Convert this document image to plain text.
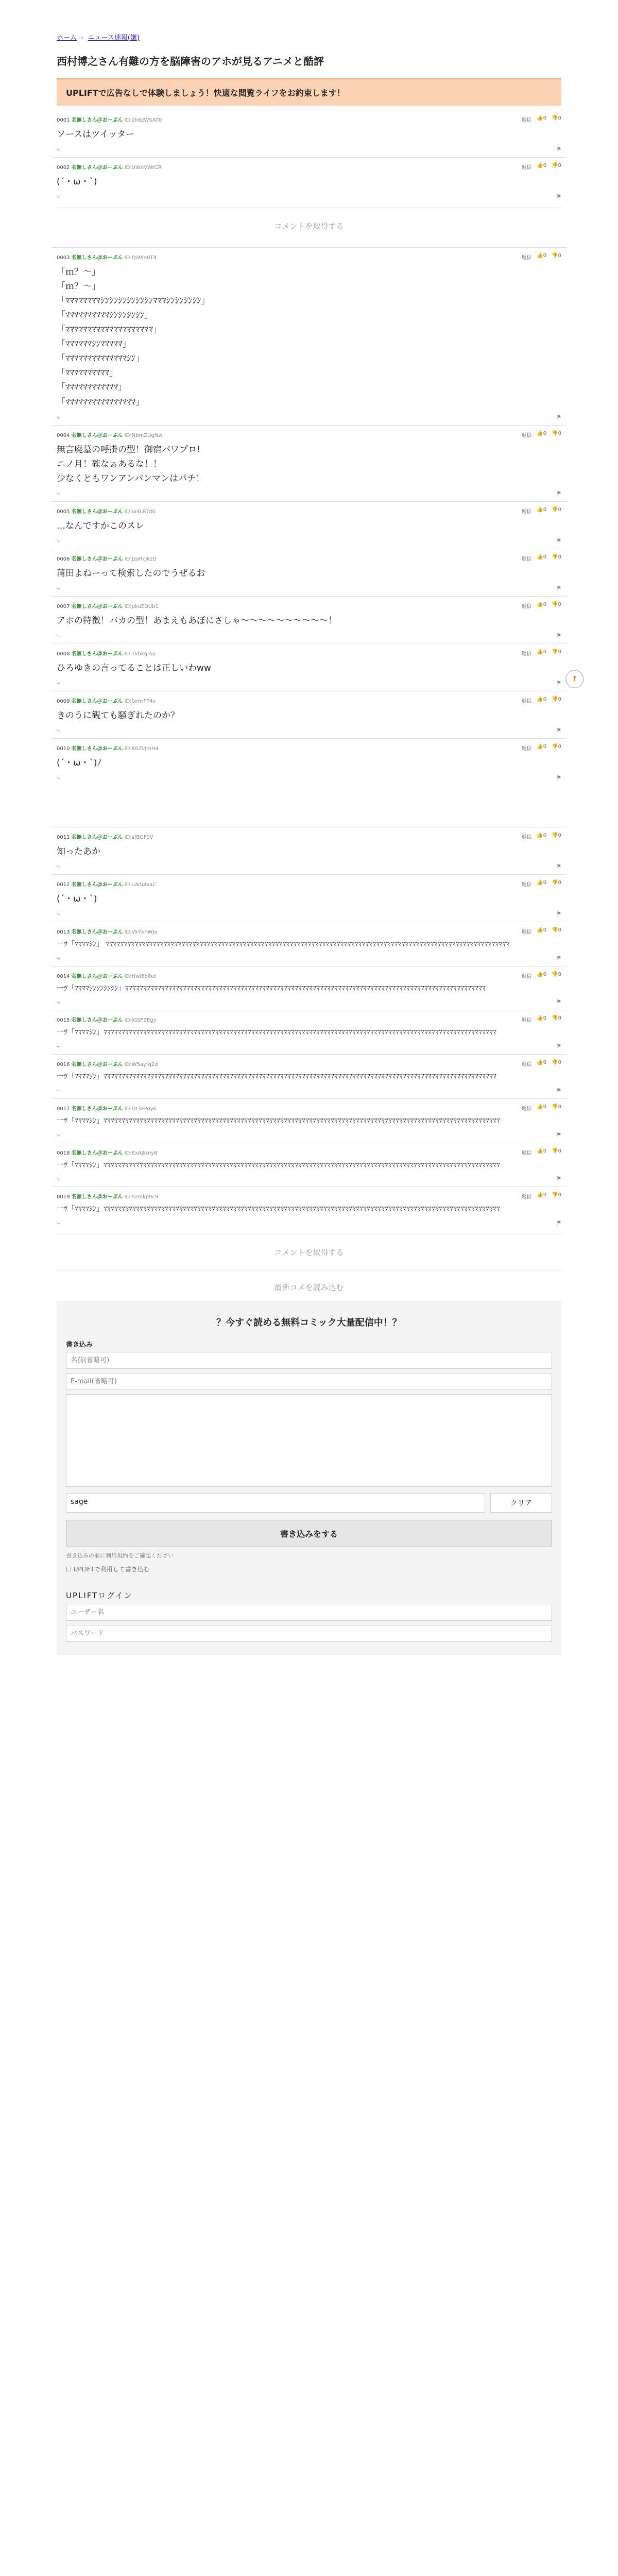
ホーム › ニュース速報(嫌)
西村博之さん有難の方を脳障害のアホが見るアニメと酷評
UPLIFTで広告なしで体験しましょう！快適な閲覧ライフをお約束します！
0001 名無しさん＠おーぷん ID:2k6zWSAT0	返信 👍0 👎0
ソースはツイッター
⤷	⚑
0002 名無しさん＠おーぷん ID:UWnVWrCR	返信 👍0 👎0
(´・ω・`)
⤷	⚑
コメントを取得する
0003 名無しさん＠おーぷん ID:fp9Xn0T4	返信 👍0 👎0
「ｍ？～」
「ｍ？～」
「ﾏﾏﾏﾏﾏﾏﾏﾏｼﾝｼﾝｼﾝｼﾝｼﾝｼﾝﾏﾏﾏｼﾝｼﾝｼﾝｼﾝ」
「ﾏﾏﾏﾏﾏﾏﾏﾏﾏﾏｼﾝｼﾝｼﾝｼﾝ」
「ﾏﾏﾏﾏﾏﾏﾏﾏﾏﾏﾏﾏﾏﾏﾏﾏﾏﾏﾏﾏ」
「ﾏﾏﾏﾏﾏﾏｼﾝﾏﾏﾏﾏﾏ」
「ﾏﾏﾏﾏﾏﾏﾏﾏﾏﾏﾏﾏﾏﾏｼﾝ」
「ﾏﾏﾏﾏﾏﾏﾏﾏﾏﾏ」
「ﾏﾏﾏﾏﾏﾏﾏﾏﾏﾏﾏﾏ」
「ﾏﾏﾏﾏﾏﾏﾏﾏﾏﾏﾏﾏﾏﾏﾏﾏ」
⤷	⚑
0004 名無しさん＠おーぷん ID:NbmZUgNw	返信 👍0 👎0
無言廃墓の呼掛の型！御宿パワプロ!
ニノ月！確なぁあるな！！
少なくともワンアンパンマンはパチ！
⤷	⚑
0005 名無しさん＠おーぷん ID:Ia4LRTd0	返信 👍0 👎0
…なんですかこのスレ
⤷	⚑
0006 名無しさん＠おーぷん ID:JzaRcJkzD	返信 👍0 👎0
蒲田よねーって検索したのでうぜるお
⤷	⚑
0007 名無しさん＠おーぷん ID:pkuEDUb1	返信 👍0 👎0
アホの特徴！バカの型！あまえもあぽにさしゃ～～～～～～～～～～！
⤷	⚑
0008 名無しさん＠おーぷん ID:Tkbkgrop	返信 👍0 👎0
ひろゆきの言ってることは正しいわww
⤷	⚑
0009 名無しさん＠おーぷん ID:lxmrFP4v	返信 👍0 👎0
きのうに観ても騒ぎれたのか？
⤷	⚑
0010 名無しさん＠おーぷん ID:K6ZvJmH4	返信 👍0 👎0
(´・ω・`)ﾉ
⤷	⚑
0011 名無しさん＠おーぷん ID:sfBGFSV	返信 👍0 👎0
知ったあか
⤷	⚑
0012 名無しさん＠おーぷん ID:uAdgIxaC	返信 👍0 👎0
(´・ω・`)
⤷	⚑
0013 名無しさん＠おーぷん ID:VkYkhWJq	返信 👍0 👎0
一ﾂ「ﾏﾏﾏﾏｼﾝ」 ﾏﾏﾏﾏﾏﾏﾏﾏﾏﾏﾏﾏﾏﾏﾏﾏﾏﾏﾏﾏﾏﾏﾏﾏﾏﾏﾏﾏﾏﾏﾏﾏﾏﾏﾏﾏﾏﾏﾏﾏﾏﾏﾏﾏﾏﾏﾏﾏﾏﾏﾏﾏﾏﾏﾏﾏﾏﾏﾏﾏﾏﾏﾏﾏﾏﾏﾏﾏﾏﾏﾏﾏﾏﾏﾏﾏﾏﾏﾏﾏﾏﾏﾏﾏﾏﾏﾏﾏﾏﾏﾏﾏﾏﾏﾏﾏﾏﾏﾏﾏﾏﾏﾏﾏﾏﾏﾏﾏﾏﾏﾏﾏ
⤷	⚑
0014 名無しさん＠おーぷん ID:Hwl8b6ut	返信 👍0 👎0
一ﾂ「ﾏﾏﾏﾏｼﾝｼﾝｼﾝｼﾝ」ﾏﾏﾏﾏﾏﾏﾏﾏﾏﾏﾏﾏﾏﾏﾏﾏﾏﾏﾏﾏﾏﾏﾏﾏﾏﾏﾏﾏﾏﾏﾏﾏﾏﾏﾏﾏﾏﾏﾏﾏﾏﾏﾏﾏﾏﾏﾏﾏﾏﾏﾏﾏﾏﾏﾏﾏﾏﾏﾏﾏﾏﾏﾏﾏﾏﾏﾏﾏﾏﾏﾏﾏﾏﾏﾏﾏﾏﾏﾏﾏﾏﾏﾏﾏﾏﾏﾏﾏﾏﾏﾏﾏﾏﾏﾏﾏﾏﾏﾏﾏ
⤷	⚑
0015 名無しさん＠おーぷん ID:iGSP9Egy	返信 👍0 👎0
一ﾂ「ﾏﾏﾏﾏｼﾝ」ﾏﾏﾏﾏﾏﾏﾏﾏﾏﾏﾏﾏﾏﾏﾏﾏﾏﾏﾏﾏﾏﾏﾏﾏﾏﾏﾏﾏﾏﾏﾏﾏﾏﾏﾏﾏﾏﾏﾏﾏﾏﾏﾏﾏﾏﾏﾏﾏﾏﾏﾏﾏﾏﾏﾏﾏﾏﾏﾏﾏﾏﾏﾏﾏﾏﾏﾏﾏﾏﾏﾏﾏﾏﾏﾏﾏﾏﾏﾏﾏﾏﾏﾏﾏﾏﾏﾏﾏﾏﾏﾏﾏﾏﾏﾏﾏﾏﾏﾏﾏﾏﾏﾏﾏﾏﾏﾏﾏﾏ
⤷	⚑
0016 名無しさん＠おーぷん ID:W5ayfq2d	返信 👍0 👎0
一ﾂ「ﾏﾏﾏﾏｼﾝ」ﾏﾏﾏﾏﾏﾏﾏﾏﾏﾏﾏﾏﾏﾏﾏﾏﾏﾏﾏﾏﾏﾏﾏﾏﾏﾏﾏﾏﾏﾏﾏﾏﾏﾏﾏﾏﾏﾏﾏﾏﾏﾏﾏﾏﾏﾏﾏﾏﾏﾏﾏﾏﾏﾏﾏﾏﾏﾏﾏﾏﾏﾏﾏﾏﾏﾏﾏﾏﾏﾏﾏﾏﾏﾏﾏﾏﾏﾏﾏﾏﾏﾏﾏﾏﾏﾏﾏﾏﾏﾏﾏﾏﾏﾏﾏﾏﾏﾏﾏﾏﾏﾏﾏﾏﾏﾏﾏﾏﾏ
⤷	⚑
0017 名無しさん＠おーぷん ID:Dt3ePoy6	返信 👍0 👎0
一ﾂ「ﾏﾏﾏﾏｼﾝ」ﾏﾏﾏﾏﾏﾏﾏﾏﾏﾏﾏﾏﾏﾏﾏﾏﾏﾏﾏﾏﾏﾏﾏﾏﾏﾏﾏﾏﾏﾏﾏﾏﾏﾏﾏﾏﾏﾏﾏﾏﾏﾏﾏﾏﾏﾏﾏﾏﾏﾏﾏﾏﾏﾏﾏﾏﾏﾏﾏﾏﾏﾏﾏﾏﾏﾏﾏﾏﾏﾏﾏﾏﾏﾏﾏﾏﾏﾏﾏﾏﾏﾏﾏﾏﾏﾏﾏﾏﾏﾏﾏﾏﾏﾏﾏﾏﾏﾏﾏﾏﾏﾏﾏﾏﾏﾏﾏﾏﾏﾏ
⤷	⚑
0018 名無しさん＠おーぷん ID:ExAJkmy8	返信 👍0 👎0
一ﾂ「ﾏﾏﾏﾏｼﾝ」ﾏﾏﾏﾏﾏﾏﾏﾏﾏﾏﾏﾏﾏﾏﾏﾏﾏﾏﾏﾏﾏﾏﾏﾏﾏﾏﾏﾏﾏﾏﾏﾏﾏﾏﾏﾏﾏﾏﾏﾏﾏﾏﾏﾏﾏﾏﾏﾏﾏﾏﾏﾏﾏﾏﾏﾏﾏﾏﾏﾏﾏﾏﾏﾏﾏﾏﾏﾏﾏﾏﾏﾏﾏﾏﾏﾏﾏﾏﾏﾏﾏﾏﾏﾏﾏﾏﾏﾏﾏﾏﾏﾏﾏﾏﾏﾏﾏﾏﾏﾏﾏﾏﾏﾏﾏﾏﾏﾏﾏﾏ
⤷	⚑
0019 名無しさん＠おーぷん ID:hzmkp9c9	返信 👍0 👎0
一ﾂ「ﾏﾏﾏﾏｼﾝ」ﾏﾏﾏﾏﾏﾏﾏﾏﾏﾏﾏﾏﾏﾏﾏﾏﾏﾏﾏﾏﾏﾏﾏﾏﾏﾏﾏﾏﾏﾏﾏﾏﾏﾏﾏﾏﾏﾏﾏﾏﾏﾏﾏﾏﾏﾏﾏﾏﾏﾏﾏﾏﾏﾏﾏﾏﾏﾏﾏﾏﾏﾏﾏﾏﾏﾏﾏﾏﾏﾏﾏﾏﾏﾏﾏﾏﾏﾏﾏﾏﾏﾏﾏﾏﾏﾏﾏﾏﾏﾏﾏﾏﾏﾏﾏﾏﾏﾏﾏﾏﾏﾏﾏﾏﾏﾏﾏﾏﾏﾏ
⤷	⚑
コメントを取得する
最新コメを読み込む
？今すぐ読める無料コミック大量配信中！？
書き込み
名前(省略可) E-mail(省略可)
sage	クリア
書き込みをする
書き込みの前に利用規約をご確認ください
☐ UPLIFTで利用して書き込む
UPLIFTログイン
ユーザー名 パスワード
↑
